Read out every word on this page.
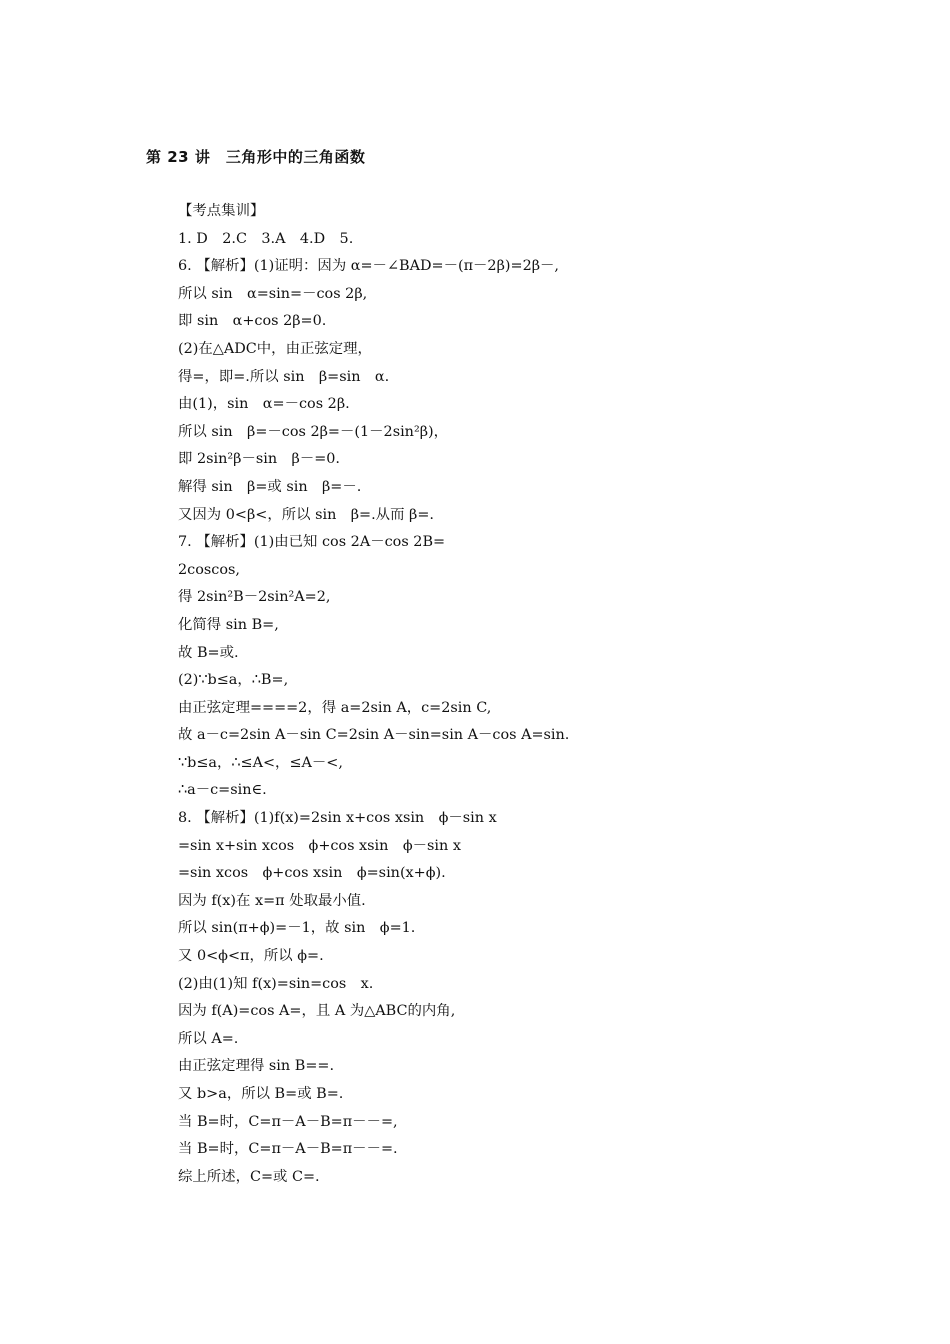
第 23 讲　三角形中的三角函数
【考点集训】
1. D　2.C　3.A　4.D　5.
6. 【解析】(1)证明：因为 α=－∠BAD=－(π－2β)=2β－,
所以 sin　α=sin=－cos 2β,
即 sin　α+cos 2β=0.
(2)在△ADC中，由正弦定理，
得=，即=.所以 sin　β=sin　α.
由(1)，sin　α=－cos 2β.
所以 sin　β=－cos 2β=－(1－2sin²β)，
即 2sin²β－sin　β－=0.
解得 sin　β=或 sin　β=－.
又因为 0<β<，所以 sin　β=.从而 β=.
7. 【解析】(1)由已知 cos 2A－cos 2B=
2coscos,
得 2sin²B－2sin²A=2,
化简得 sin B=,
故 B=或.
(2)∵b≤a，∴B=,
由正弦定理====2，得 a=2sin A，c=2sin C,
故 a－c=2sin A－sin C=2sin A－sin=sin A－cos A=sin.
∵b≤a，∴≤A<，≤A－<,
∴a－c=sin∈.
8. 【解析】(1)f(x)=2sin x+cos xsin　ϕ－sin x
=sin x+sin xcos　ϕ+cos xsin　ϕ－sin x
=sin xcos　ϕ+cos xsin　ϕ=sin(x+ϕ).
因为 f(x)在 x=π 处取最小值.
所以 sin(π+ϕ)=－1，故 sin　ϕ=1.
又 0<ϕ<π，所以 ϕ=.
(2)由(1)知 f(x)=sin=cos　x.
因为 f(A)=cos A=，且 A 为△ABC的内角,
所以 A=.
由正弦定理得 sin B==.
又 b>a，所以 B=或 B=.
当 B=时，C=π－A－B=π－－=,
当 B=时，C=π－A－B=π－－=.
综上所述，C=或 C=.
